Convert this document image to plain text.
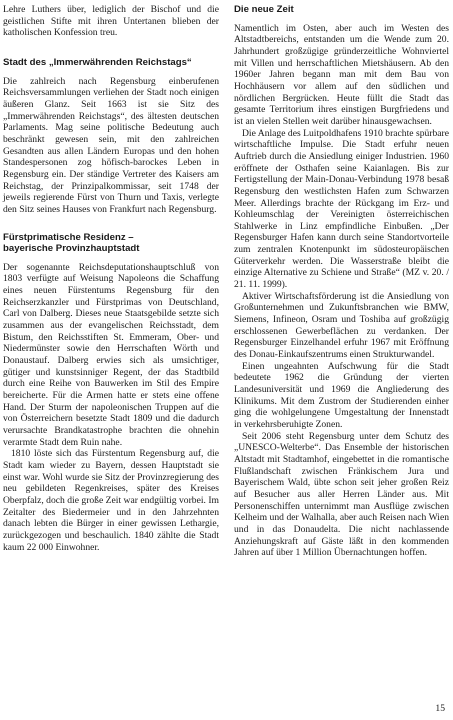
Lehre Luthers über, lediglich der Bischof und die geistlichen Stifte mit ihren Untertanen blieben der katholischen Konfession treu.

Stadt des „Immerwährenden Reichstags“

Die zahlreich nach Regensburg einberufenen Reichsversammlungen verliehen der Stadt noch einigen äußeren Glanz. Seit 1663 ist sie Sitz des „Immerwährenden Reichstags“, des ältesten deutschen Parlaments. Mag seine politische Bedeutung auch beschränkt gewesen sein, mit den zahlreichen Gesandten aus allen Ländern Europas und den hohen Standespersonen zog höfisch-barockes Leben in Regensburg ein. Der ständige Vertreter des Kaisers am Reichstag, der Prinzipalkommissar, seit 1748 der jeweils regierende Fürst von Thurn und Taxis, verlegte den Sitz seines Hauses von Frankfurt nach Regensburg.

Fürstprimatische Residenz –
bayerische Provinzhauptstadt

Der sogenannte Reichsdeputationshauptschluß von 1803 verfügte auf Weisung Napoleons die Schaffung eines neuen Fürstentums Regensburg für den Reichserzkanzler und Fürstprimas von Deutschland, Carl von Dalberg. Dieses neue Staatsgebilde setzte sich zusammen aus der evangelischen Reichsstadt, dem Bistum, den Reichsstiften St. Emmeram, Ober- und Niedermünster sowie den Herrschaften Wörth und Donaustauf. Dalberg erwies sich als umsichtiger, gütiger und kunstsinniger Regent, der das Stadtbild durch eine Reihe von Bauwerken im Stil des Empire bereicherte. Für die Armen hatte er stets eine offene Hand. Der Sturm der napoleonischen Truppen auf die von Österreichern besetzte Stadt 1809 und die dadurch verursachte Brandkatastrophe brachten die ohnehin verarmte Stadt dem Ruin nahe.

1810 löste sich das Fürstentum Regensburg auf, die Stadt kam wieder zu Bayern, dessen Hauptstadt sie einst war. Wohl wurde sie Sitz der Provinzregierung des neu gebildeten Regenkreises, später des Kreises Oberpfalz, doch die große Zeit war endgültig vorbei. Im Zeitalter des Biedermeier und in den Jahrzehnten danach lebten die Bürger in einer gewissen Lethargie, zurückgezogen und beschaulich. 1840 zählte die Stadt kaum 22 000 Einwohner.

Die neue Zeit

Namentlich im Osten, aber auch im Westen des Altstadtbereichs, entstanden um die Wende zum 20. Jahrhundert großzügige gründerzeitliche Wohnviertel mit Villen und herrschaftlichen Mietshäusern. Ab den 1960er Jahren begann man mit dem Bau von Hochhäusern vor allem auf den südlichen und nördlichen Bergrücken. Heute füllt die Stadt das gesamte Territorium ihres einstigen Burgfriedens und ist an vielen Stellen weit darüber hinausgewachsen.

Die Anlage des Luitpoldhafens 1910 brachte spürbare wirtschaftliche Impulse. Die Stadt erfuhr neuen Auftrieb durch die Ansiedlung einiger Industrien. 1960 eröffnete der Osthafen seine Kaianlagen. Bis zur Fertigstellung der Main-Donau-Verbindung 1978 besaß Regensburg den westlichsten Hafen zum Schwarzen Meer. Allerdings brachte der Rückgang im Erz- und Kohleumschlag der Vereinigten österreichischen Stahlwerke in Linz empfindliche Einbußen. „Der Regensburger Hafen kann durch seine Standortvorteile zum zentralen Knotenpunkt im südosteuropäischen Güterverkehr werden. Die Wasserstraße bleibt die einzige Alternative zu Schiene und Straße“ (MZ v. 20. / 21. 11. 1999).

Aktiver Wirtschaftsförderung ist die Ansiedlung von Großunternehmen und Zukunftsbranchen wie BMW, Siemens, Infineon, Osram und Toshiba auf großzügig erschlossenen Gewerbeflächen zu verdanken. Der Regensburger Einzelhandel erfuhr 1967 mit Eröffnung des Donau-Einkaufszentrums einen Strukturwandel.

Einen ungeahnten Aufschwung für die Stadt bedeutete 1962 die Gründung der vierten Landesuniversität und 1969 die Angliederung des Klinikums. Mit dem Zustrom der Studierenden einher ging die wohlgelungene Umgestaltung der Innenstadt in verkehrsberuhigte Zonen.

Seit 2006 steht Regensburg unter dem Schutz des „UNESCO-Welterbe“. Das Ensemble der historischen Altstadt mit Stadtamhof, eingebettet in die romantische Flußlandschaft zwischen Fränkischem Jura und Bayerischem Wald, übte schon seit jeher großen Reiz auf Besucher aus aller Herren Länder aus. Mit Personenschiffen unternimmt man Ausflüge zwischen Kelheim und der Walhalla, aber auch Reisen nach Wien und in das Donaudelta. Die nicht nachlassende Anziehungskraft auf Gäste läßt in den kommenden Jahren auf über 1 Million Übernachtungen hoffen.

15
